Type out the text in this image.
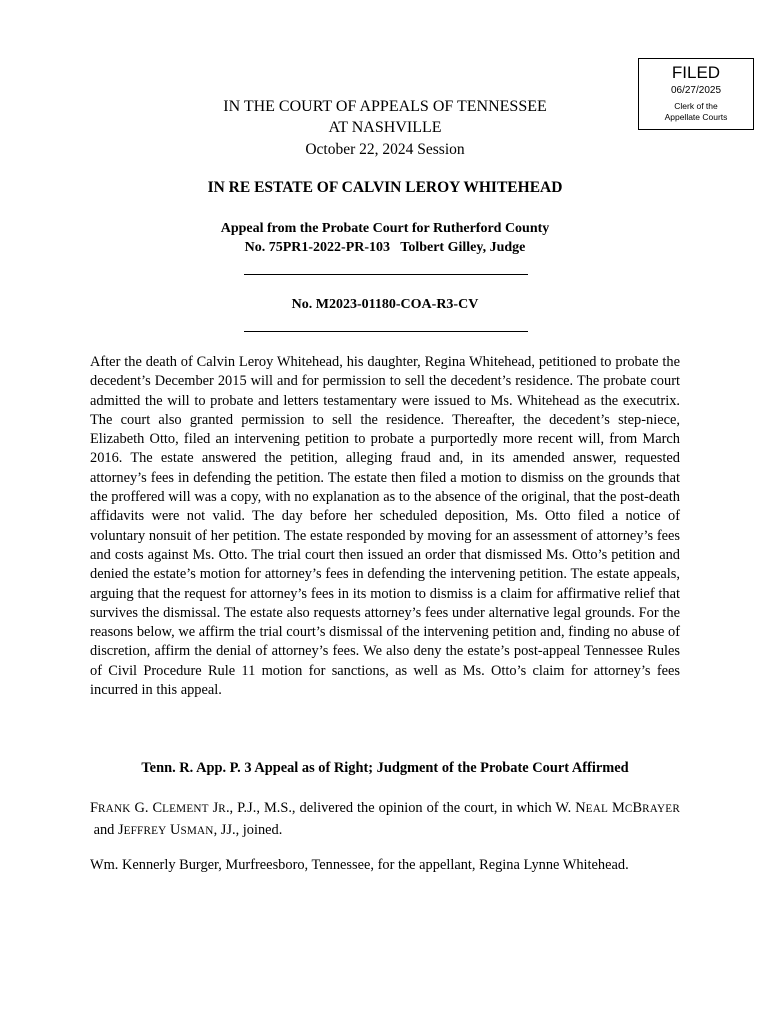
FILED
06/27/2025
Clerk of the
Appellate Courts
IN THE COURT OF APPEALS OF TENNESSEE
AT NASHVILLE
October 22, 2024 Session
IN RE ESTATE OF CALVIN LEROY WHITEHEAD
Appeal from the Probate Court for Rutherford County
No. 75PR1-2022-PR-103   Tolbert Gilley, Judge
No. M2023-01180-COA-R3-CV

After the death of Calvin Leroy Whitehead, his daughter, Regina Whitehead, petitioned to probate the decedent’s December 2015 will and for permission to sell the decedent’s residence. The probate court admitted the will to probate and letters testamentary were issued to Ms. Whitehead as the executrix. The court also granted permission to sell the residence. Thereafter, the decedent’s step-niece, Elizabeth Otto, filed an intervening petition to probate a purportedly more recent will, from March 2016. The estate answered the petition, alleging fraud and, in its amended answer, requested attorney’s fees in defending the petition. The estate then filed a motion to dismiss on the grounds that the proffered will was a copy, with no explanation as to the absence of the original, that the post-death affidavits were not valid. The day before her scheduled deposition, Ms. Otto filed a notice of voluntary nonsuit of her petition. The estate responded by moving for an assessment of attorney’s fees and costs against Ms. Otto. The trial court then issued an order that dismissed Ms. Otto’s petition and denied the estate’s motion for attorney’s fees in defending the intervening petition. The estate appeals, arguing that the request for attorney’s fees in its motion to dismiss is a claim for affirmative relief that survives the dismissal. The estate also requests attorney’s fees under alternative legal grounds. For the reasons below, we affirm the trial court’s dismissal of the intervening petition and, finding no abuse of discretion, affirm the denial of attorney’s fees. We also deny the estate’s post-appeal Tennessee Rules of Civil Procedure Rule 11 motion for sanctions, as well as Ms. Otto’s claim for attorney’s fees incurred in this appeal.

Tenn. R. App. P. 3 Appeal as of Right; Judgment of the Probate Court Affirmed

FRANK G. CLEMENT JR., P.J., M.S., delivered the opinion of the court, in which W. NEAL MCBRAYER and JEFFREY USMAN, JJ., joined.

Wm. Kennerly Burger, Murfreesboro, Tennessee, for the appellant, Regina Lynne Whitehead.
